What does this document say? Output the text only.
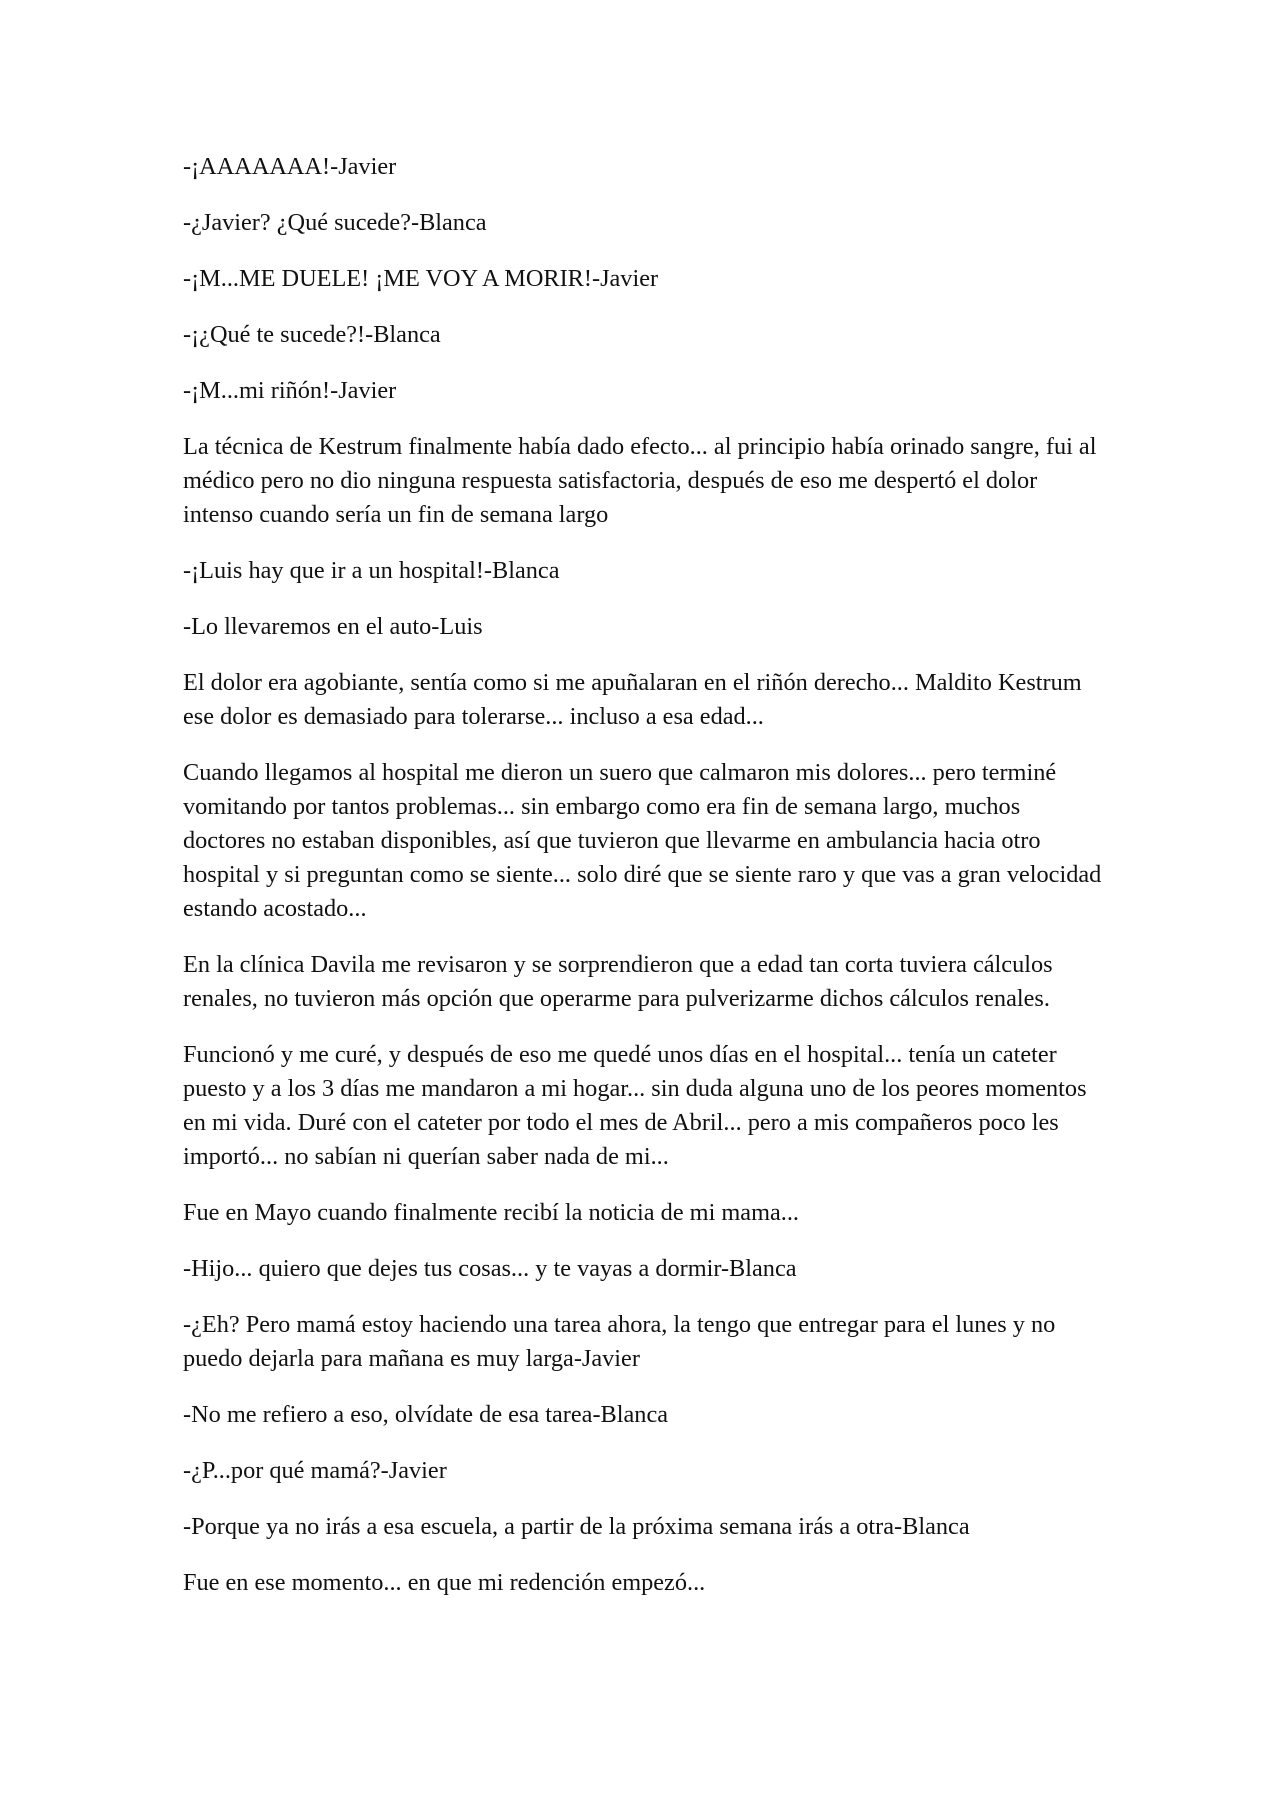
-¡AAAAAAA!-Javier

-¿Javier? ¿Qué sucede?-Blanca

-¡M...ME DUELE! ¡ME VOY A MORIR!-Javier

-¡¿Qué te sucede?!-Blanca

-¡M...mi riñón!-Javier

La técnica de Kestrum finalmente había dado efecto... al principio había orinado sangre, fui al médico pero no dio ninguna respuesta satisfactoria, después de eso me despertó el dolor intenso cuando sería un fin de semana largo

-¡Luis hay que ir a un hospital!-Blanca

-Lo llevaremos en el auto-Luis

El dolor era agobiante, sentía como si me apuñalaran en el riñón derecho... Maldito Kestrum ese dolor es demasiado para tolerarse... incluso a esa edad...

Cuando llegamos al hospital me dieron un suero que calmaron mis dolores... pero terminé vomitando por tantos problemas... sin embargo como era fin de semana largo, muchos doctores no estaban disponibles, así que tuvieron que llevarme en ambulancia hacia otro hospital y si preguntan como se siente... solo diré que se siente raro y que vas a gran velocidad estando acostado...

En la clínica Davila me revisaron y se sorprendieron que a edad tan corta tuviera cálculos renales, no tuvieron más opción que operarme para pulverizarme dichos cálculos renales.

Funcionó y me curé, y después de eso me quedé unos días en el hospital... tenía un cateter puesto y a los 3 días me mandaron a mi hogar... sin duda alguna uno de los peores momentos en mi vida. Duré con el cateter por todo el mes de Abril... pero a mis compañeros poco les importó... no sabían ni querían saber nada de mi...

Fue en Mayo cuando finalmente recibí la noticia de mi mama...

-Hijo... quiero que dejes tus cosas... y te vayas a dormir-Blanca

-¿Eh? Pero mamá estoy haciendo una tarea ahora, la tengo que entregar para el lunes y no puedo dejarla para mañana es muy larga-Javier

-No me refiero a eso, olvídate de esa tarea-Blanca

-¿P...por qué mamá?-Javier

-Porque ya no irás a esa escuela, a partir de la próxima semana irás a otra-Blanca

Fue en ese momento... en que mi redención empezó...
